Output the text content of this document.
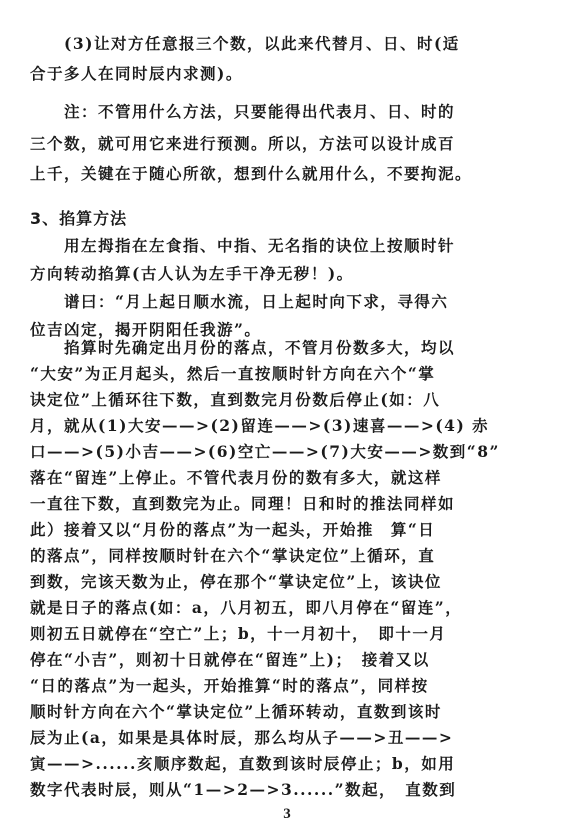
　　(3)让对方任意报三个数，以此来代替月、日、时(适
合于多人在同时辰内求测)。
　　注：不管用什么方法，只要能得出代表月、日、时的
三个数，就可用它来进行预测。所以，方法可以设计成百
上千，关键在于随心所欲，想到什么就用什么，不要拘泥。
3、掐算方法
　　用左拇指在左食指、中指、无名指的诀位上按顺时针
方向转动掐算(古人认为左手干净无秽！)。
　　谱曰：“月上起日顺水流，日上起时向下求，寻得六
位吉凶定，揭开阴阳任我游”。
　　掐算时先确定出月份的落点，不管月份数多大，均以
“大安”为正月起头，然后一直按顺时针方向在六个“掌
诀定位”上循环往下数，直到数完月份数后停止(如：八
月，就从(1)大安——>(2)留连——>(3)速喜——>(4) 赤
口——>(5)小吉——>(6)空亡——>(7)大安——>数到“8”
落在“留连”上停止。不管代表月份的数有多大，就这样
一直往下数，直到数完为止。同理！日和时的推法同样如
此）接着又以“月份的落点”为一起头，开始推　算“日
的落点”，同样按顺时针在六个“掌诀定位”上循环，直
到数，完该天数为止，停在那个“掌诀定位”上，该诀位
就是日子的落点(如：a，八月初五，即八月停在“留连”，
则初五日就停在“空亡”上；b，十一月初十，　即十一月
停在“小吉”，则初十日就停在“留连”上)；　接着又以
“日的落点”为一起头，开始推算“时的落点”，同样按
顺时针方向在六个“掌诀定位”上循环转动，直数到该时
辰为止(a，如果是具体时辰，那么均从子——>丑——>
寅——>......亥顺序数起，直数到该时辰停止；b，如用
数字代表时辰，则从“1—>2—>3......”数起，　直数到
3
